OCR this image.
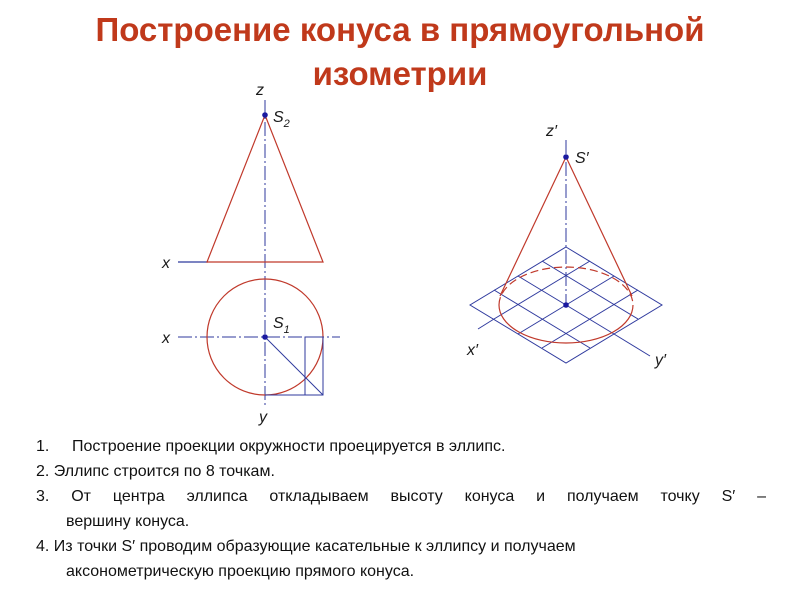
Построение конуса в прямоугольной
изометрии
z
$S_2$
x
$S_1$
x
y
z′
S′
x′
y′
1. Построение проекции окружности проецируется в эллипс.
2. Эллипс строится по 8 точкам.
3. От центра эллипса откладываем высоту конуса и получаем точку S′ –
вершину конуса.
4. Из точки S′ проводим образующие касательные к эллипсу и получаем
аксонометрическую проекцию прямого конуса.
